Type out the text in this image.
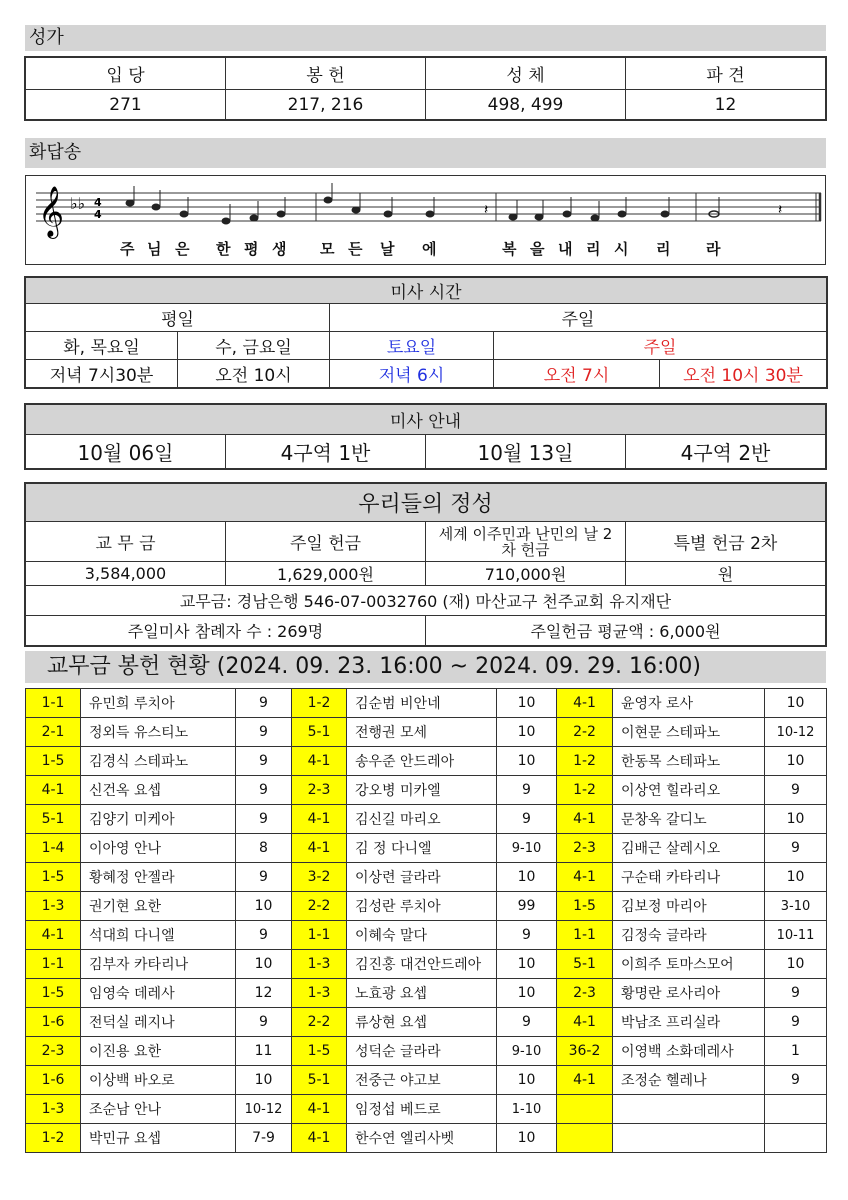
성가
입 당	봉 헌	성 체	파 견
271	217, 216	498, 499	12
화답송
𝄞 ♭♭ 4
4	𝄽	𝄽
주 님 은 한 평 생 모 든 날 에	복 을 내 리 시 리 라
미사 시간				
평일		주일		
화, 목요일	수, 금요일	토요일	주일	
저녁 7시30분	오전 10시	저녁 6시	오전 7시	오전 10시 30분
미사 안내
10월 06일	4구역 1반	10월 13일	4구역 2반
우리들의 정성			
교 무 금	주일 헌금	세계 이주민과 난민의 날 2차 헌금	특별 헌금 2차
3,584,000	1,629,000원	710,000원	원
교무금: 경남은행 546-07-0032760 (재) 마산교구 천주교회 유지재단			
주일미사 참례자 수 : 269명		주일헌금 평균액 : 6,000원	
교무금 봉헌 현황 (2024. 09. 23. 16:00 ~ 2024. 09. 29. 16:00)
1-1	유민희 루치아	9	1-2	김순범 비안네	10	4-1	윤영자 로사	10
2-1	정외득 유스티노	9	5-1	전행권 모세	10	2-2	이현문 스테파노	10-12
1-5	김경식 스테파노	9	4-1	송우준 안드레아	10	1-2	한동목 스테파노	10
4-1	신건옥 요셉	9	2-3	강오병 미카엘	9	1-2	이상연 힐라리오	9
5-1	김양기 미케아	9	4-1	김신길 마리오	9	4-1	문창옥 갈디노	10
1-4	이아영 안나	8	4-1	김 정 다니엘	9-10	2-3	김배근 살레시오	9
1-5	황혜정 안젤라	9	3-2	이상련 글라라	10	4-1	구순태 카타리나	10
1-3	권기현 요한	10	2-2	김성란 루치아	99	1-5	김보정 마리아	3-10
4-1	석대희 다니엘	9	1-1	이혜숙 말다	9	1-1	김정숙 글라라	10-11
1-1	김부자 카타리나	10	1-3	김진홍 대건안드레아	10	5-1	이희주 토마스모어	10
1-5	임영숙 데레사	12	1-3	노효광 요셉	10	2-3	황명란 로사리아	9
1-6	전덕실 레지나	9	2-2	류상현 요셉	9	4-1	박남조 프리실라	9
2-3	이진용 요한	11	1-5	성덕순 글라라	9-10	36-2	이영백 소화데레사	1
1-6	이상백 바오로	10	5-1	전중근 야고보	10	4-1	조정순 헬레나	9
1-3	조순남 안나	10-12	4-1	임정섭 베드로	1-10			
1-2	박민규 요셉	7-9	4-1	한수연 엘리사벳	10			
